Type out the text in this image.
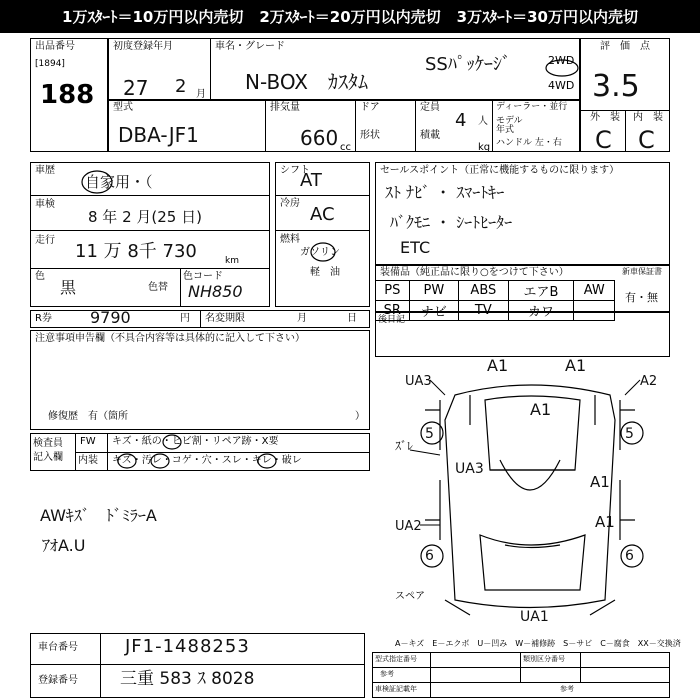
1万ｽﾀｰﾄ＝10万円以内売切 2万ｽﾀｰﾄ＝20万円以内売切 3万ｽﾀｰﾄ＝30万円以内売切
出品番号
[1894]
188
初度登録年月	車名・グレード
27 2 月
N-BOX　ｶｽﾀﾑ
SSﾊﾟｯｹｰｼﾞ	2WD
4WD
評　価　点
3.5
外　装 内　装
C C
型式
DBA-JF1
排気量
660 cc
ドア
形状
定員
積載
4 人
kg
ディーラー・並行
モデル
年式
ハンドル 左・右
車歴
自家用・（
車検
8 年 2 月(25 日)
走行
11 万 8千 730	km
色
黒
色コード
色替 NH850
シフト
AT
冷房
AC
燃料
ガソリン
軽　油
セールスポイント（正常に機能するものに限ります）
ｽﾄ ﾅﾋﾞ ・ ｽﾏｰﾄｷｰ
ﾊﾞｸﾓﾆ ・ ｼｰﾄﾋｰﾀｰ
ETC
装備品（純正品に限り○をつけて下さい）	新車保証書
有・無
PS	PW	ABS	エアB	AW
SR	ナビ	TV	カワ	
R券 9790	円 名変期限	月	日 後日記
注意事項申告欄（不具合内容等は具体的に記入して下さい）
修復歴　有（箇所	）
検査員
記入欄
FW
内装
キズ・紙の・ヒビ割・リペア跡・X要
キズ・汚レ・コゲ・穴・スレ・キレ・破レ
AWｷｽﾞ　ﾄﾞﾐﾗｰA
ｱｵA.U
A1	A1
UA3	A2
A1
5	5
ｽﾞﾚ
UA3
A1
UA2	A1
6	6
スペア
UA1
A－キズ　E－エクボ　U－凹み　W－補修跡　S－サビ　C－腐食　XX－交換済
車台番号
登録番号
JF1-1488253
三重 583 ｽ 8028
型式指定番号	類別区分番号
参考
車検証記載年	参考
